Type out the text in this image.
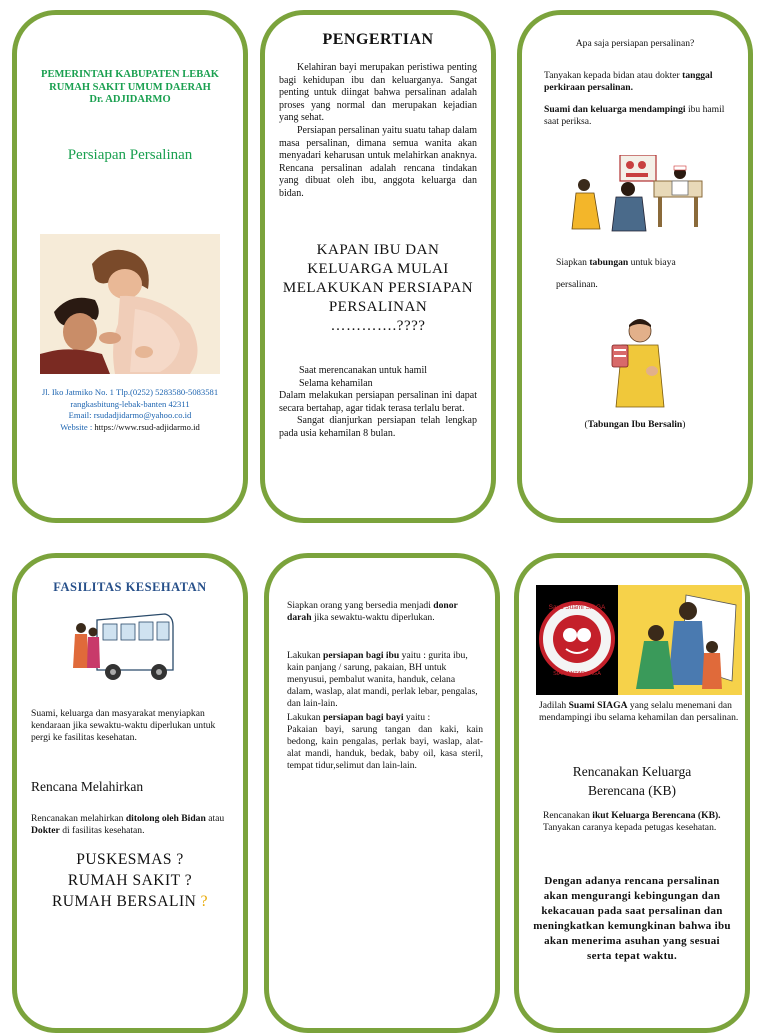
PEMERINTAH KABUPATEN LEBAK
RUMAH SAKIT UMUM DAERAH
Dr. ADJIDARMO
Persiapan Persalinan
Jl. Iko Jatmiko No. 1 Tlp.(0252) 5283580-5083581
rangkasbitung-lebak-banten 42311
Email: rsudadjidarmo@yahoo.co.id
Website : https://www.rsud-adjidarmo.id
PENGERTIAN
Kelahiran bayi merupakan peristiwa penting bagi kehidupan ibu dan keluarganya. Sangat penting untuk diingat bahwa persalinan adalah proses yang normal dan merupakan kejadian yang sehat.
Persiapan persalinan yaitu suatu tahap dalam masa persalinan, dimana semua wanita akan menyadari keharusan untuk melahirkan anaknya. Rencana persalinan adalah rencana tindakan yang dibuat oleh ibu, anggota keluarga dan bidan.
KAPAN IBU DAN KELUARGA MULAI MELAKUKAN PERSIAPAN PERSALINAN
………….????
Saat merencanakan untuk hamil
Selama kehamilan
Dalam melakukan persiapan persalinan ini dapat secara bertahap, agar tidak terasa terlalu berat.
Sangat dianjurkan persiapan telah lengkap pada usia kehamilan 8 bulan.
Apa saja persiapan persalinan?
Tanyakan kepada bidan atau dokter tanggal perkiraan persalinan.
Suami dan keluarga mendampingi ibu hamil saat periksa.
Siapkan tabungan untuk biaya
persalinan.
(Tabungan Ibu Bersalin)
FASILITAS KESEHATAN
Suami, keluarga dan masyarakat menyiapkan kendaraan jika sewaktu-waktu diperlukan untuk pergi ke fasilitas kesehatan.
Rencana Melahirkan
Rencanakan melahirkan ditolong oleh Bidan atau Dokter di fasilitas kesehatan.
PUSKESMAS ?
RUMAH SAKIT ?
RUMAH BERSALIN ?
Siapkan orang yang bersedia menjadi donor darah jika sewaktu-waktu diperlukan.
Lakukan persiapan bagi ibu yaitu : gurita ibu, kain panjang / sarung, pakaian, BH untuk menyusui, pembalut wanita, handuk, celana dalam, waslap, alat mandi, perlak lebar, pengalas, dan lain-lain.
Lakukan persiapan bagi bayi yaitu :
Pakaian bayi, sarung tangan dan kaki, kain bedong, kain pengalas, perlak bayi, waslap, alat-alat mandi, handuk, bedak, baby oil, kasa steril, tempat tidur,selimut dan lain-lain.
Saya Suami SIAGA
SIAP ANTAR JAGA
Jadilah Suami SIAGA yang selalu menemani dan mendampingi ibu selama kehamilan dan persalinan.
Rencanakan Keluarga
Berencana (KB)
Rencanakan ikut Keluarga Berencana (KB). Tanyakan caranya kepada petugas kesehatan.
Dengan adanya rencana persalinan akan mengurangi kebingungan dan kekacauan pada saat persalinan dan meningkatkan kemungkinan bahwa ibu akan menerima asuhan yang sesuai serta tepat waktu.
